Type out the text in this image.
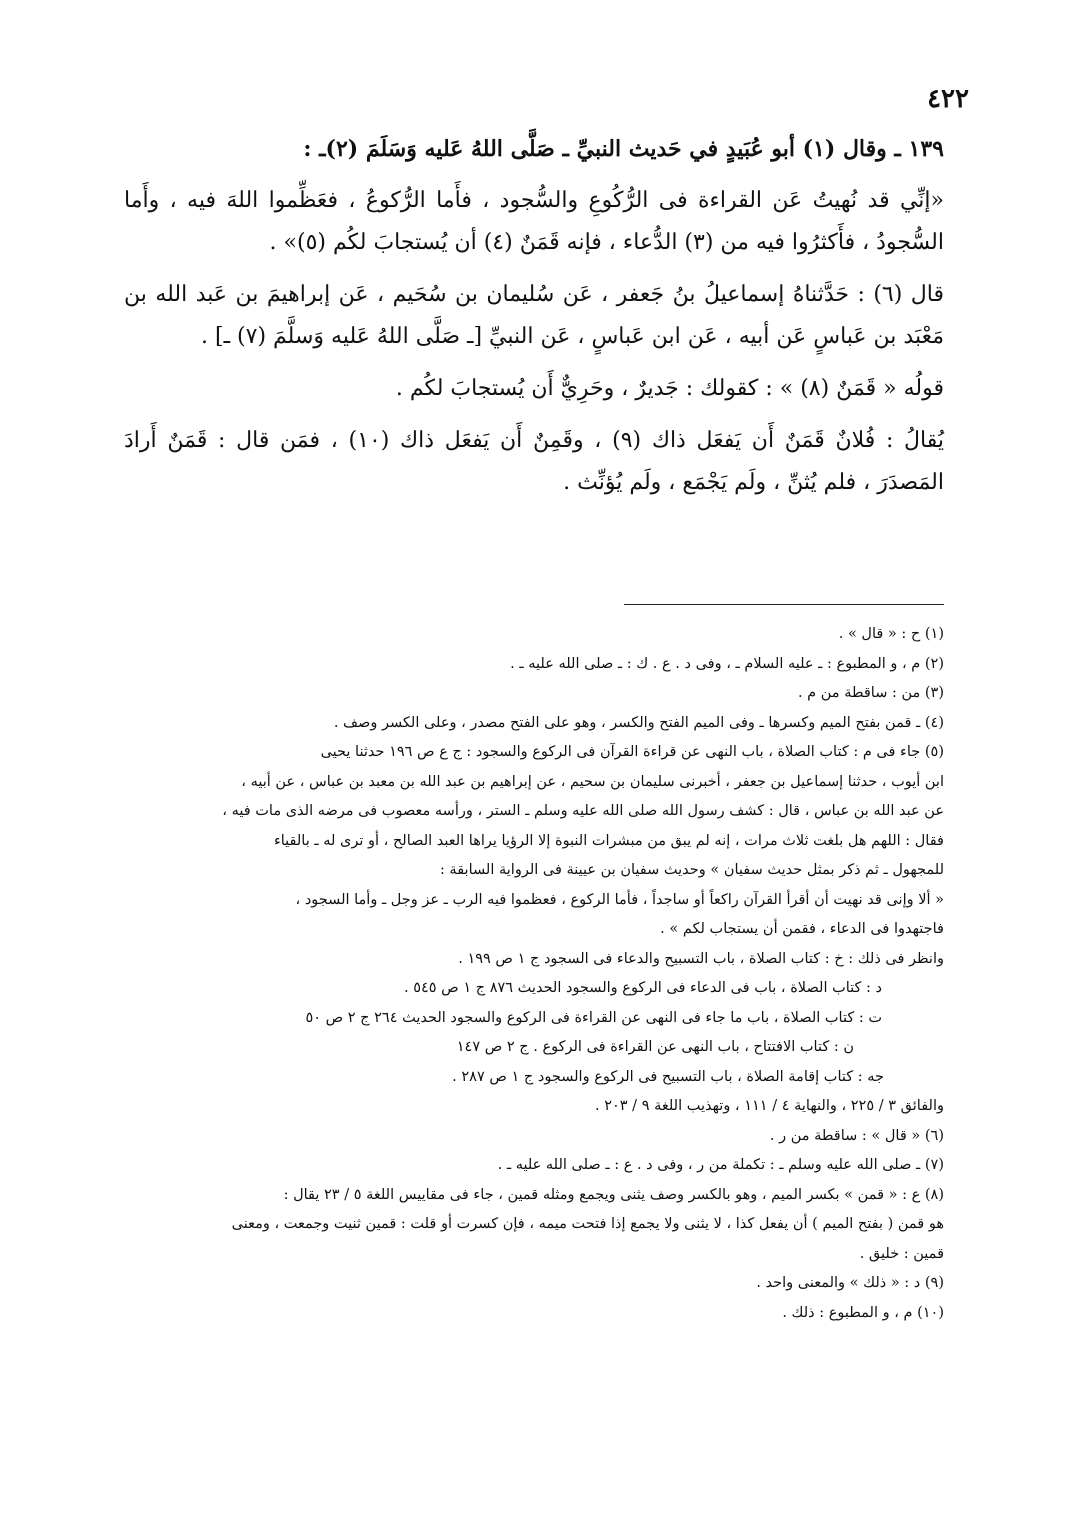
٤٢٢

١٣٩ ـ وقال (١) أبو عُبَيدٍ في حَديث النبيِّ ـ صَلَّى اللهُ عَليه وَسَلَمَ (٢)ـ :

«إنِّي قد نُهيتُ عَن القراءة فى الرُّكُوعِ والسُّجود ، فأَما الرُّكوعُ ، فعَظِّموا اللهَ فيه ، وأَما السُّجودُ ، فأَكثرُوا فيه من (٣) الدُّعاء ، فإنه قَمَنٌ (٤) أن يُستجابَ لكُم (٥)» .

قال (٦) : حَدَّثناهُ إسماعيلُ بنُ جَعفر ، عَن سُليمان بن سُحَيم ، عَن إبراهيمَ بن عَبد الله بن مَعْبَد بن عَباسٍ عَن أبيه ، عَن ابن عَباسٍ ، عَن النبيِّ [ـ صَلَّى اللهُ عَليه وَسلَّمَ (٧) ـ] .

قولُه « قَمَنٌ (٨) » : كقولك : جَديرٌ ، وحَرِيٌّ أَن يُستجابَ لكُم .

يُقالُ : فُلانٌ قَمَنٌ أَن يَفعَل ذاك (٩) ، وقَمِنٌ أَن يَفعَل ذاك (١٠) ، فمَن قال : قَمَنٌ أَرادَ المَصدَرَ ، فلم يُثنِّ ، ولَم يَجْمَع ، ولَم يُؤنِّث .

(١) ح : « قال » .

(٢) م ، و المطبوع : ـ عليه السلام ـ ، وفى د . ع . ك : ـ صلى الله عليه ـ .

(٣) من : ساقطة من م .

(٤) ـ قمن بفتح الميم وكسرها ـ وفى الميم الفتح والكسر ، وهو على الفتح مصدر ، وعلى الكسر وصف .

(٥) جاء فى م : كتاب الصلاة ، باب النهى عن قراءة القرآن فى الركوع والسجود : ج ع ص ١٩٦ حدثنا يحيى

ابن أيوب ، حدثنا إسماعيل بن جعفر ، أخبرنى سليمان بن سحيم ، عن إبراهيم بن عبد الله بن معبد بن عباس ، عن أبيه ،

عن عبد الله بن عباس ، قال : كشف رسول الله صلى الله عليه وسلم ـ الستر ، ورأسه معصوب فى مرضه الذى مات فيه ،

فقال : اللهم هل بلغت ثلاث مرات ، إنه لم يبق من مبشرات النبوة إلا الرؤيا يراها العبد الصالح ، أو ترى له ـ بالقياء

للمجهول ـ ثم ذكر بمثل حديث سفيان » وحديث سفيان بن عيينة فى الرواية السابقة :

« ألا وإنى قد نهيت أن أقرأ القرآن راكعاً أو ساجداً ، فأما الركوع ، فعظموا فيه الرب ـ عز وجل ـ وأما السجود ،

فاجتهدوا فى الدعاء ، فقمن أن يستجاب لكم » .

وانظر فى ذلك : خ : كتاب الصلاة ، باب التسبيح والدعاء فى السجود ج ١ ص ١٩٩ .

د : كتاب الصلاة ، باب فى الدعاء فى الركوع والسجود الحديث ٨٧٦ ج ١ ص ٥٤٥ .

ت : كتاب الصلاة ، باب ما جاء فى النهى عن القراءة فى الركوع والسجود الحديث ٢٦٤ ج ٢ ص ٥٠

ن : كتاب الافتتاح ، باب النهى عن القراءة فى الركوع . ج ٢ ص ١٤٧

جه : كتاب إقامة الصلاة ، باب التسبيح فى الركوع والسجود ج ١ ص ٢٨٧ .

والفائق ٣ / ٢٢٥ ، والنهاية ٤ / ١١١ ، وتهذيب اللغة ٩ / ٢٠٣ .

(٦) « قال » : ساقطة من ر .

(٧) ـ صلى الله عليه وسلم ـ : تكملة من ر ، وفى د . ع : ـ صلى الله عليه ـ .

(٨) ع : « قمن » بكسر الميم ، وهو بالكسر وصف يثنى ويجمع ومثله قمين ، جاء فى مقاييس اللغة ٥ / ٢٣ يقال :

هو قمن ( بفتح الميم ) أن يفعل كذا ، لا يثنى ولا يجمع إذا فتحت ميمه ، فإن كسرت أو قلت : قمين ثنيت وجمعت ، ومعنى

قمين : خليق .

(٩) د : « ذلك » والمعنى واحد .

(١٠) م ، و المطبوع : ذلك .
